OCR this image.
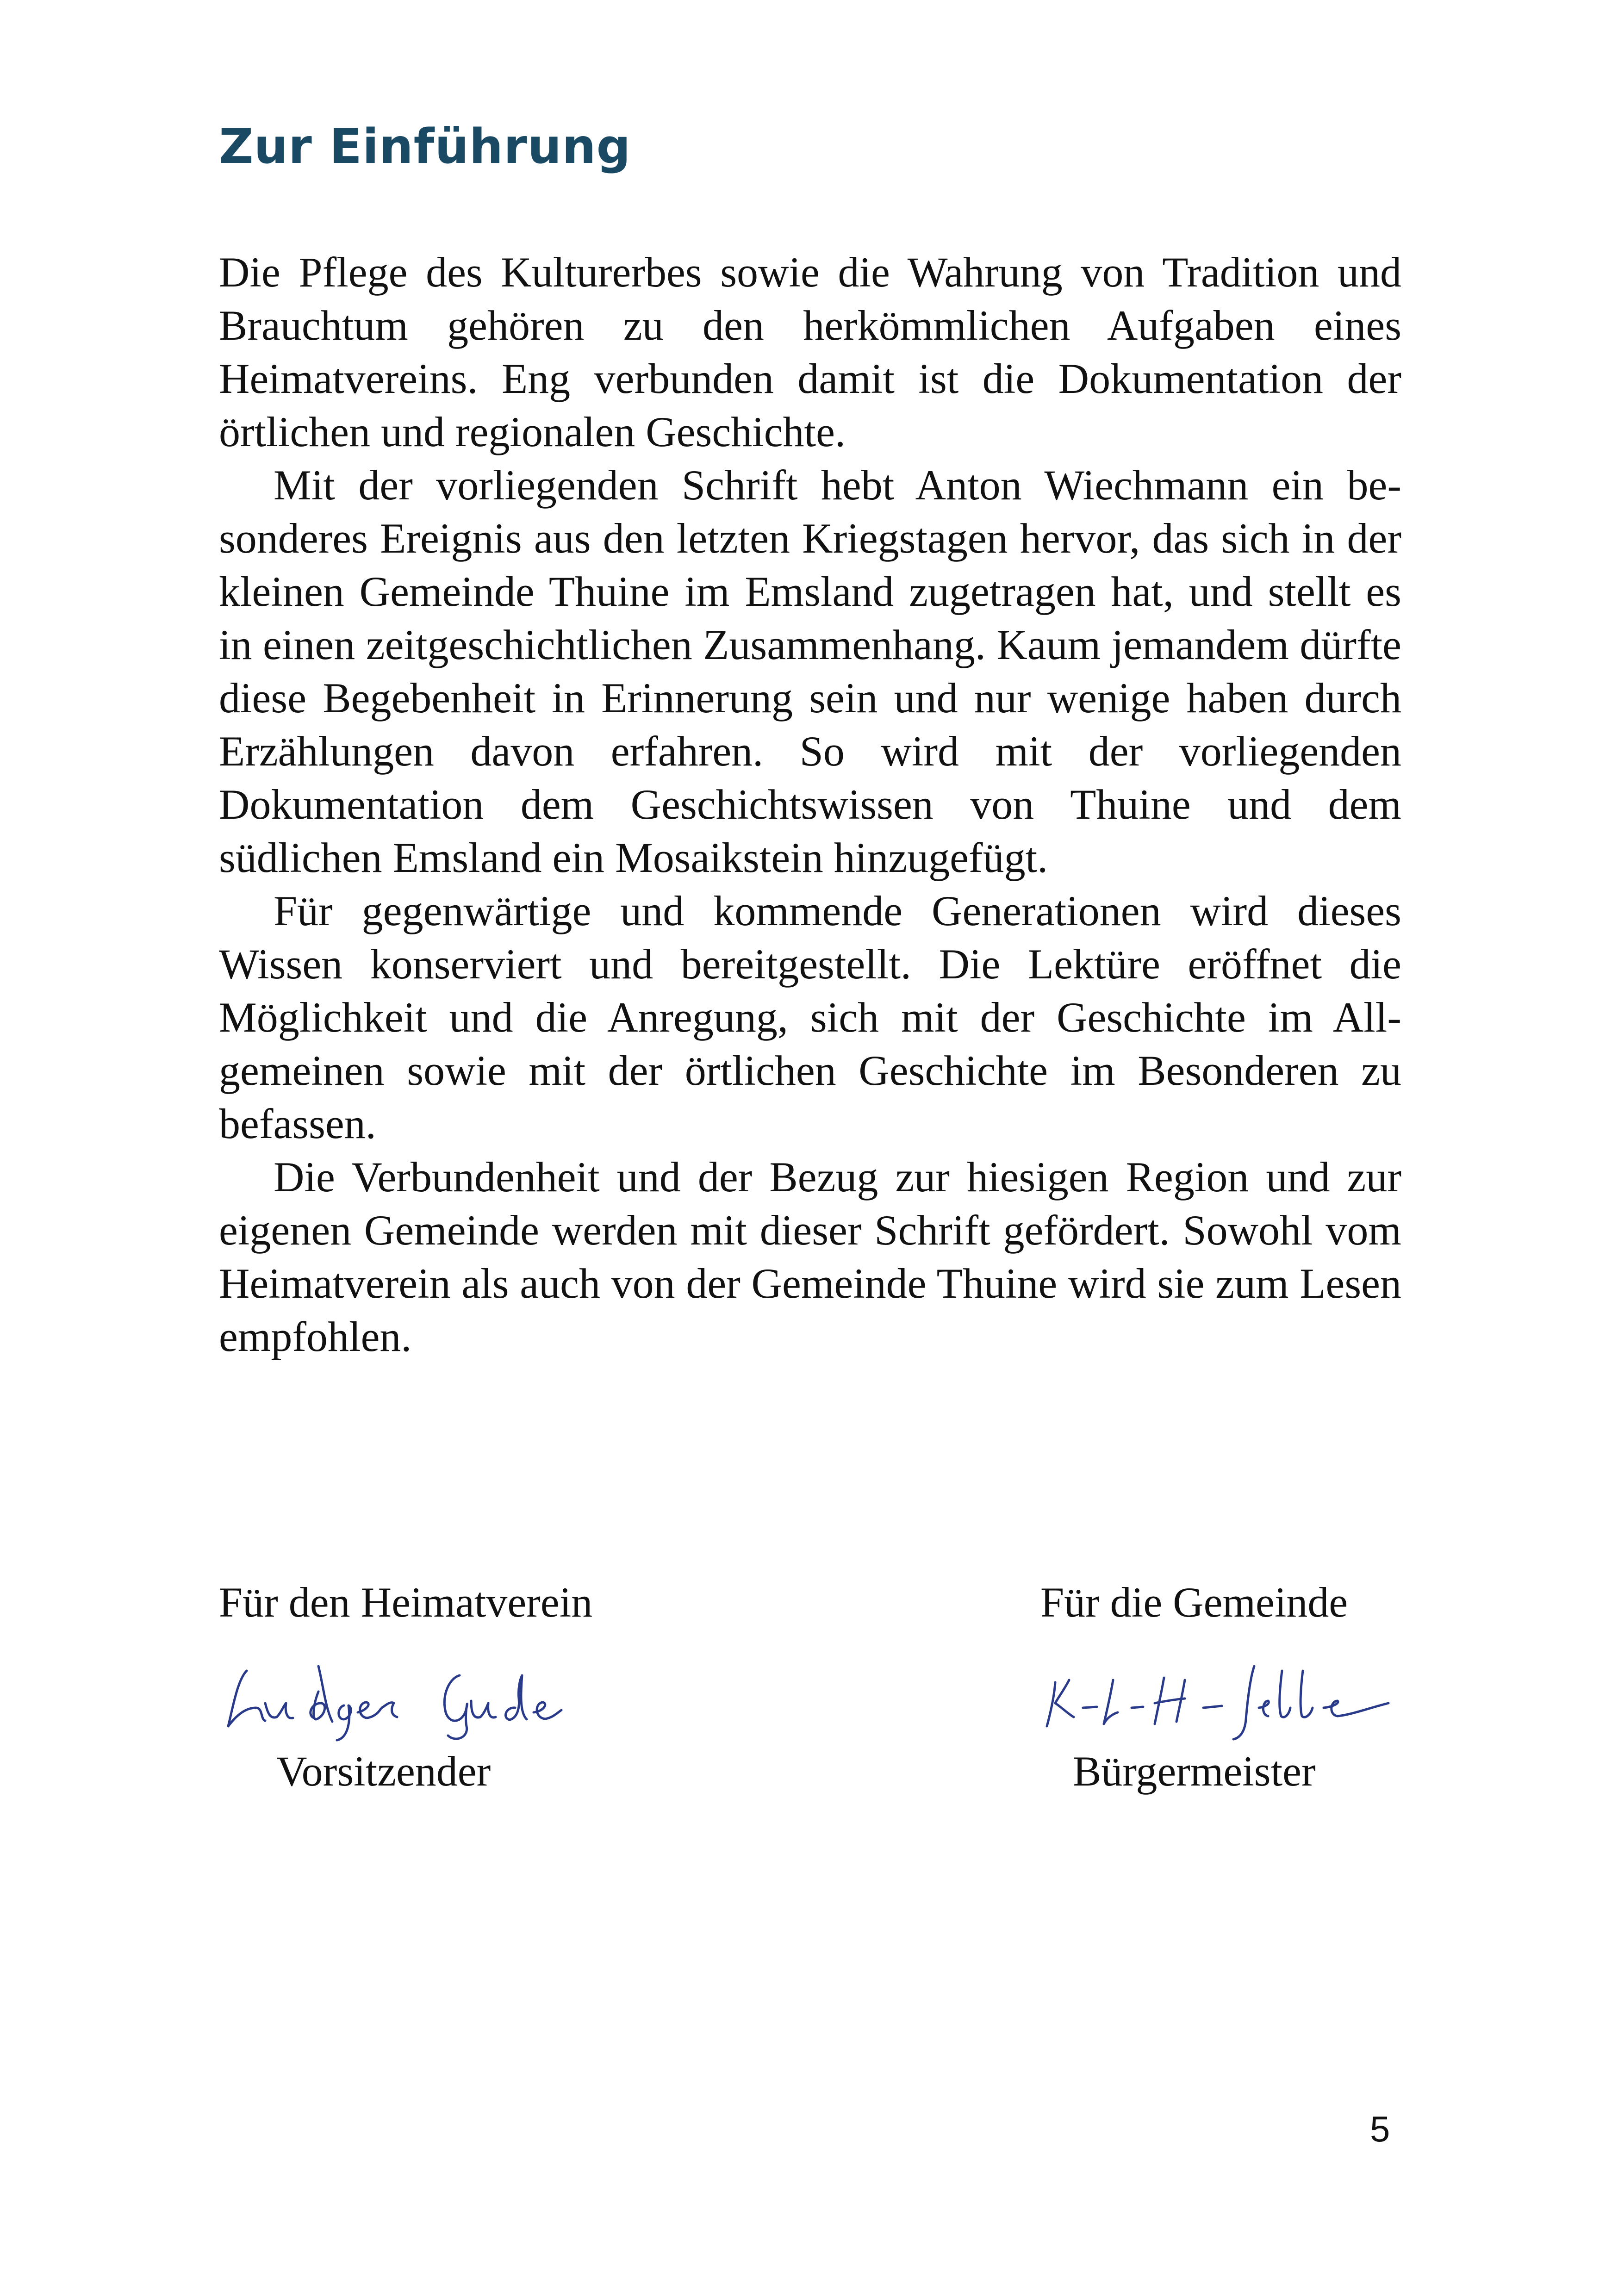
Zur Einführung

Die Pflege des Kulturerbes sowie die Wahrung von Tradition und Brauchtum gehören zu den herkömmlichen Aufgaben eines Heimatvereins. Eng verbunden damit ist die Dokumentation der örtlichen und regionalen Geschichte.

Mit der vorliegenden Schrift hebt Anton Wiechmann ein besonderes Ereignis aus den letzten Kriegstagen hervor, das sich in der kleinen Gemeinde Thuine im Emsland zugetragen hat, und stellt es in einen zeitgeschichtlichen Zusammenhang. Kaum jemandem dürfte diese Begebenheit in Erinnerung sein und nur wenige haben durch Erzählungen davon erfahren. So wird mit der vorliegenden Dokumentation dem Geschichtswissen von Thuine und dem südlichen Emsland ein Mosaikstein hinzugefügt.

Für gegenwärtige und kommende Generationen wird dieses Wissen konserviert und bereitgestellt. Die Lektüre eröffnet die Möglichkeit und die Anregung, sich mit der Geschichte im Allgemeinen sowie mit der örtlichen Geschichte im Besonderen zu befassen.

Die Verbundenheit und der Bezug zur hiesigen Region und zur eigenen Gemeinde werden mit dieser Schrift gefördert. Sowohl vom Heimatverein als auch von der Gemeinde Thuine wird sie zum Lesen empfohlen.

Für den Heimatverein
Vorsitzender
Für die Gemeinde
Bürgermeister
5
